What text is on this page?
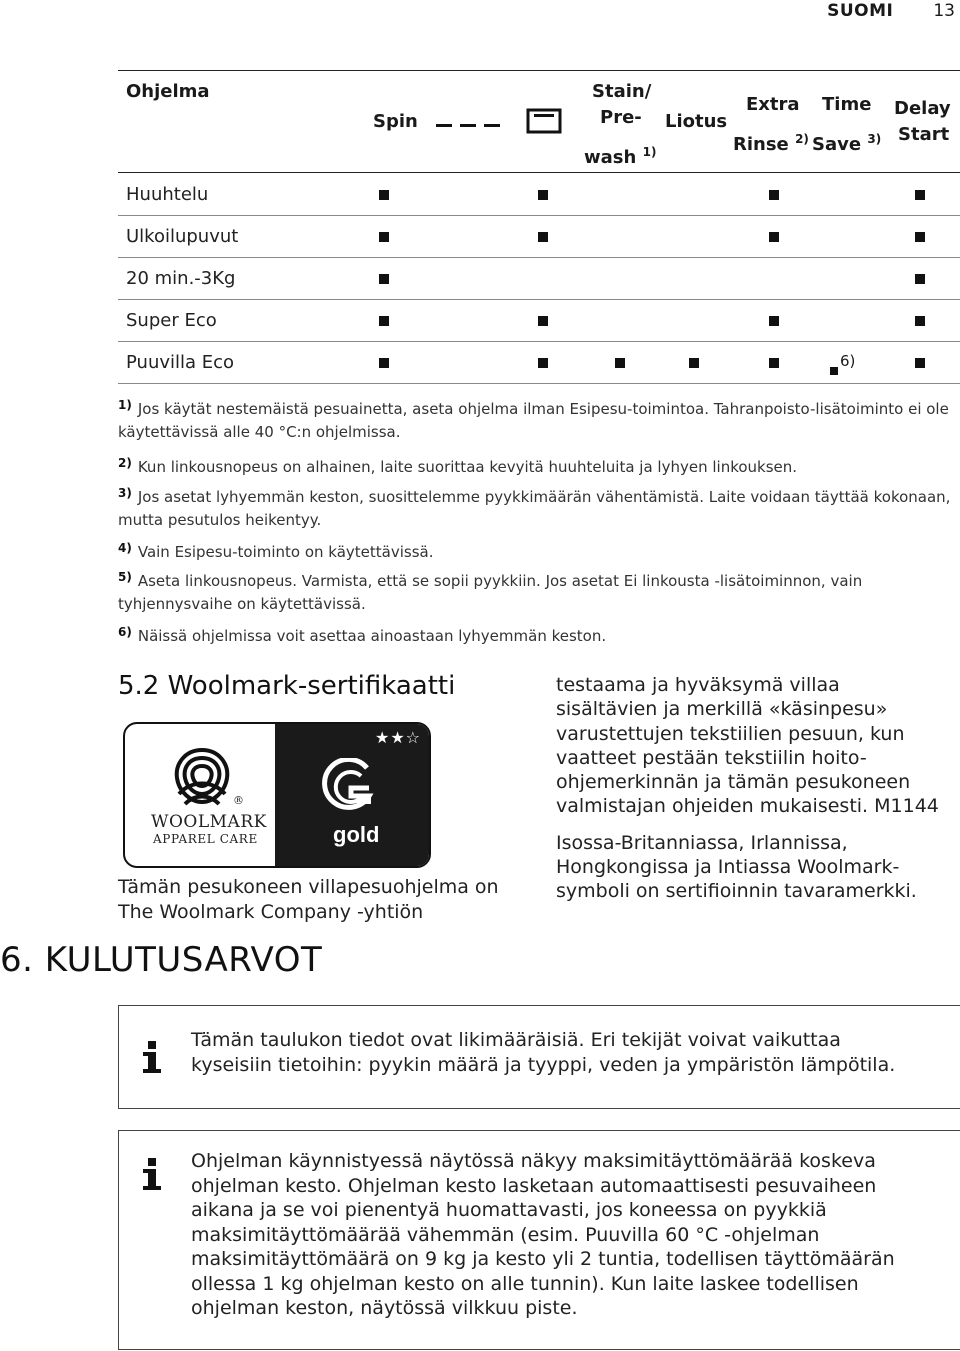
SUOMI 13
Ohjelma
Spin
Stain/
Pre-
wash $^{1)}$
Liotus
Extra
Rinse $^{2)}$
Time
Save $^{3)}$
Delay
Start
Huuhtelu
Ulkoilupuvut
20 min.-3Kg
Super Eco
Puuvilla Eco	6)
$^{1)}$ Jos käytät nestemäistä pesuainetta, aseta ohjelma ilman Esipesu-toimintoa. Tahranpoisto-lisätoiminto ei ole käytettävissä alle 40 °C:n ohjelmissa.
$^{2)}$ Kun linkousnopeus on alhainen, laite suorittaa kevyitä huuhteluita ja lyhyen linkouksen.
$^{3)}$ Jos asetat lyhyemmän keston, suosittelemme pyykkimäärän vähentämistä. Laite voidaan täyttää kokonaan, mutta pesutulos heikentyy.
$^{4)}$ Vain Esipesu-toiminto on käytettävissä.
$^{5)}$ Aseta linkousnopeus. Varmista, että se sopii pyykkiin. Jos asetat Ei linkousta -lisätoiminnon, vain tyhjennysvaihe on käytettävissä.
$^{6)}$ Näissä ohjelmissa voit asettaa ainoastaan lyhyemmän keston.
5.2 Woolmark-sertifikaatti
®
WOOLMARK
APPAREL CARE
★★☆
gold
Tämän pesukoneen villapesuohjelma on The Woolmark Company -yhtiön

testaama ja hyväksymä villaa sisältävien ja merkillä «käsinpesu» varustettujen tekstiilien pesuun, kun vaatteet pestään tekstiilin hoito-ohjemerkinnän ja tämän pesukoneen valmistajan ohjeiden mukaisesti. M1144

Isossa-Britanniassa, Irlannissa, Hongkongissa ja Intiassa Woolmark-symboli on sertifioinnin tavaramerkki.

6. KULUTUSARVOT
Tämän taulukon tiedot ovat likimääräisiä. Eri tekijät voivat vaikuttaa kyseisiin tietoihin: pyykin määrä ja tyyppi, veden ja ympäristön lämpötila.
Ohjelman käynnistyessä näytössä näkyy maksimitäyttömäärää koskeva ohjelman kesto. Ohjelman kesto lasketaan automaattisesti pesuvaiheen aikana ja se voi pienentyä huomattavasti, jos koneessa on pyykkiä maksimitäyttömäärää vähemmän (esim. Puuvilla 60 °C -ohjelman maksimitäyttömäärä on 9 kg ja kesto yli 2 tuntia, todellisen täyttömäärän ollessa 1 kg ohjelman kesto on alle tunnin). Kun laite laskee todellisen ohjelman keston, näytössä vilkkuu piste.
